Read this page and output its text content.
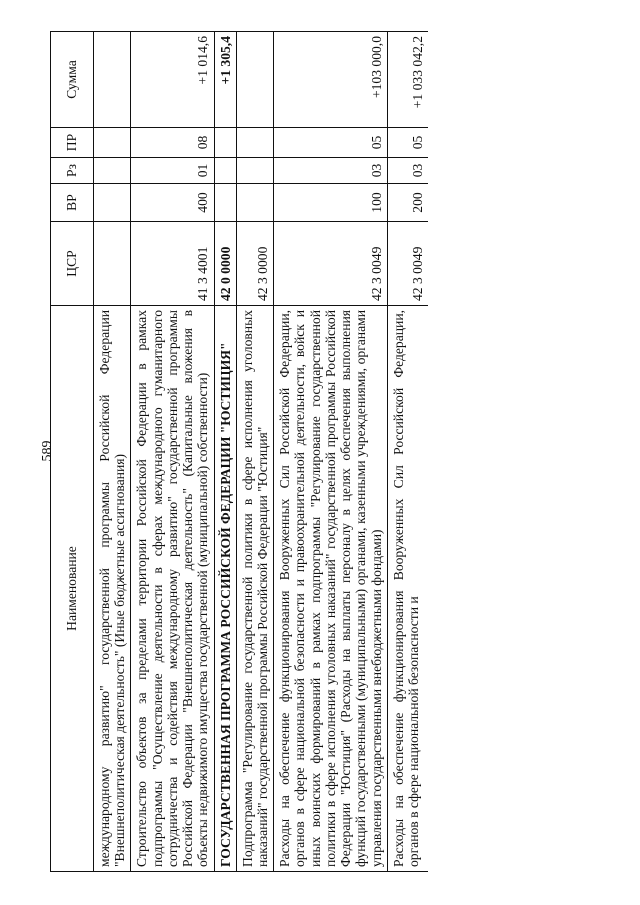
589
Наименование	ЦСР	ВР	Рз	ПР	Сумма
международному развитию" государственной программы Российской Федерации "Внешнеполитическая деятельность" (Иные бюджетные ассигнования)					
Строительство объектов за пределами территории Российской Федерации в рамках подпрограммы "Осуществление деятельности в сферах международного гуманитарного сотрудничества и содействия международному развитию" государственной программы Российской Федерации "Внешнеполитическая деятельность" (Капитальные вложения в объекты недвижимого имущества государственной (муниципальной) собственности)	41 3 4001	400	01	08	+1 014,6
ГОСУДАРСТВЕННАЯ ПРОГРАММА РОССИЙСКОЙ ФЕДЕРАЦИИ "ЮСТИЦИЯ"	42 0 0000				+1 305,4
Подпрограмма "Регулирование государственной политики в сфере исполнения уголовных наказаний" государственной программы Российской Федерации "Юстиция"	42 3 0000				
Расходы на обеспечение функционирования Вооруженных Сил Российской Федерации, органов в сфере национальной безопасности и правоохранительной деятельности, войск и иных воинских формирований в рамках подпрограммы "Регулирование государственной политики в сфере исполнения уголовных наказаний" государственной программы Российской Федерации "Юстиция" (Расходы на выплаты персоналу в целях обеспечения выполнения функций государственными (муниципальными) органами, казенными учреждениями, органами управления государственными внебюджетными фондами)	42 3 0049	100	03	05	+103 000,0
Расходы на обеспечение функционирования Вооруженных Сил Российской Федерации, органов в сфере национальной безопасности и	42 3 0049	200	03	05	+1 033 042,2
